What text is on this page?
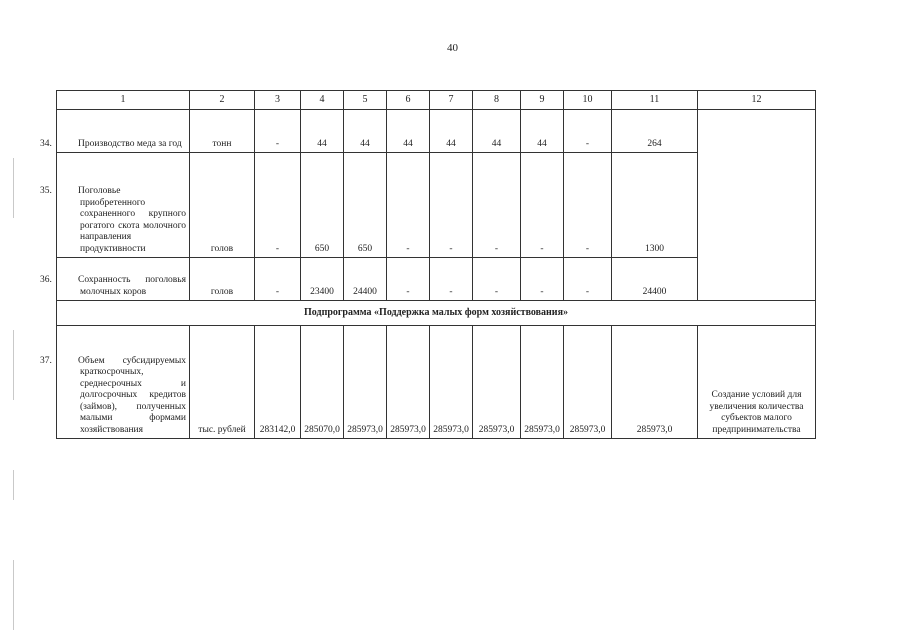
40
1	2	3	4	5	6	7	8	9	10	11	12

34. Производство меда за год	тонн	-	44	44	44	44	44	44	-	264	

35. Поголовье приобретенного сохраненного крупного рогатого скота молочного направления продуктивности	голов	-	650	650	-	-	-	-	-	1300	

36. Сохранность поголовья молочных коров	голов	-	23400	24400	-	-	-	-	-	24400	
Подпрограмма «Поддержка малых форм хозяйствования»											

37. Объем субсидируемых краткосрочных, среднесрочных и долгосрочных кредитов (займов), полученных малыми формами хозяйствования	тыс. рублей	283142,0	285070,0	285973,0	285973,0	285973,0	285973,0	285973,0	285973,0	285973,0	Создание условий для увеличения количества субъектов малого предпринимательства
